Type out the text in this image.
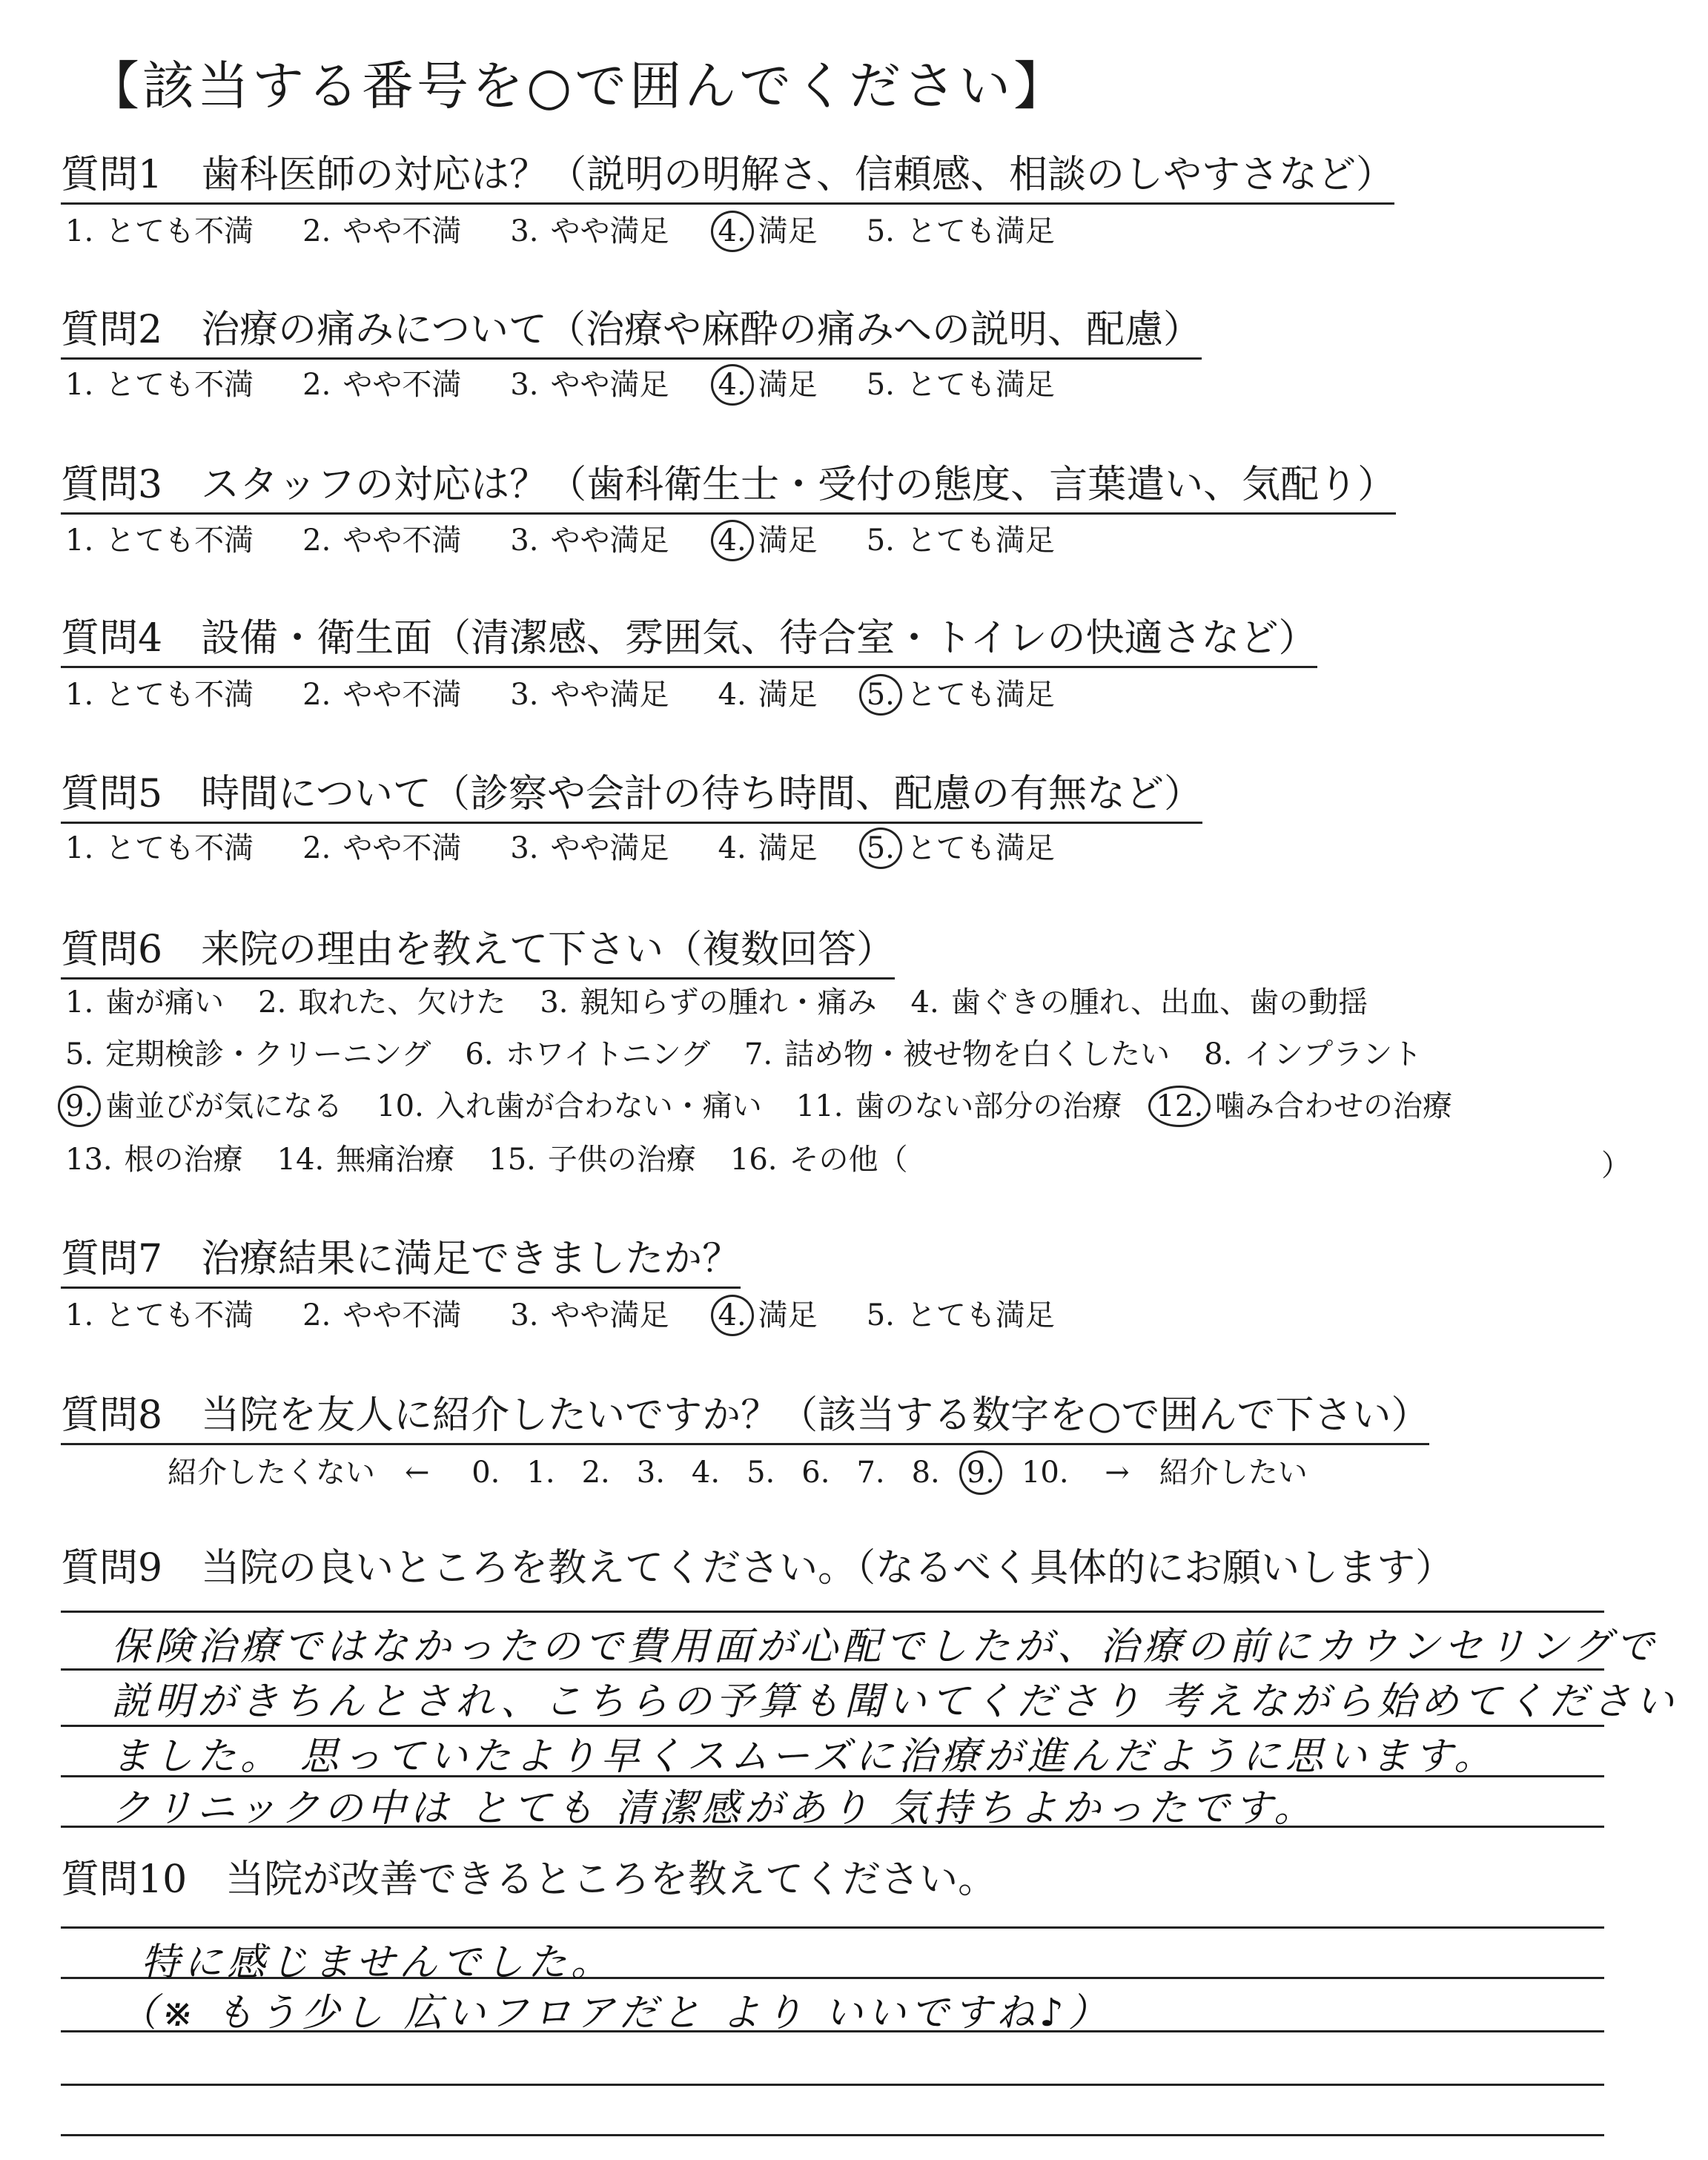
【該当する番号を○で囲んでください】
質問1　歯科医師の対応は？（説明の明解さ、信頼感、相談のしやすさなど）
1. とても不満 2. やや不満 3. やや満足 4. 満足 5. とても満足
質問2　治療の痛みについて（治療や麻酔の痛みへの説明、配慮）
1. とても不満 2. やや不満 3. やや満足 4. 満足 5. とても満足
質問3　スタッフの対応は？（歯科衛生士・受付の態度、言葉遣い、気配り）
1. とても不満 2. やや不満 3. やや満足 4. 満足 5. とても満足
質問4　設備・衛生面（清潔感、雰囲気、待合室・トイレの快適さなど）
1. とても不満 2. やや不満 3. やや満足 4. 満足 5. とても満足
質問5　時間について（診察や会計の待ち時間、配慮の有無など）
1. とても不満 2. やや不満 3. やや満足 4. 満足 5. とても満足
質問6　来院の理由を教えて下さい（複数回答）
1. 歯が痛い 2. 取れた、欠けた 3. 親知らずの腫れ・痛み 4. 歯ぐきの腫れ、出血、歯の動揺
5. 定期検診・クリーニング 6. ホワイトニング 7. 詰め物・被せ物を白くしたい 8. インプラント
9. 歯並びが気になる 10. 入れ歯が合わない・痛い 11. 歯のない部分の治療 12. 噛み合わせの治療
13. 根の治療 14. 無痛治療 15. 子供の治療 16. その他（	）
質問7　治療結果に満足できましたか？
1. とても不満 2. やや不満 3. やや満足 4. 満足 5. とても満足
質問8　当院を友人に紹介したいですか？（該当する数字を○で囲んで下さい）
紹介したくない　← 0. 1. 2. 3. 4. 5. 6. 7. 8. 9. 10. →　紹介したい
質問9　当院の良いところを教えてください。（なるべく具体的にお願いします）
保険治療ではなかったので費用面が心配でしたが、治療の前にカウンセリングで
説明がきちんとされ、こちらの予算も聞いてくださり 考えながら始めてください
ました。 思っていたより早くスムーズに治療が進んだように思います。
クリニックの中は とても 清潔感があり 気持ちよかったです。
質問10　当院が改善できるところを教えてください。
特に感じませんでした。
（※ もう少し 広いフロアだと より いいですね♪）
